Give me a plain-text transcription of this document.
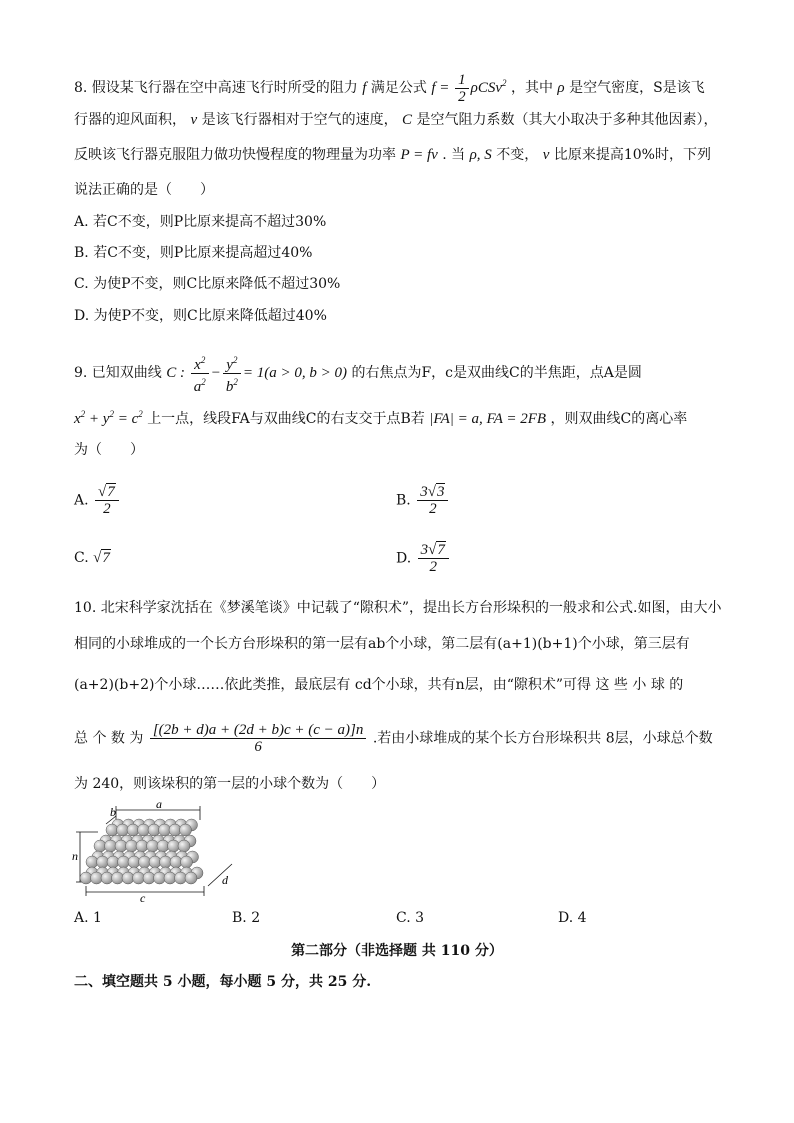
8. 假设某飞行器在空中高速飞行时所受的阻力 f 满足公式 $f = \frac{1}{2} \rho CSv^2$ ，其中 ρ 是空气密度，S是该飞
行器的迎风面积， v 是该飞行器相对于空气的速度， C 是空气阻力系数（其大小取决于多种其他因素），
反映该飞行器克服阻力做功快慢程度的物理量为功率 P = fv . 当 ρ, S 不变， v 比原来提高10%时，下列
说法正确的是（　　）
A. 若C不变，则P比原来提高不超过30%
B. 若C不变，则P比原来提高超过40%
C. 为使P不变，则C比原来降低不超过30%
D. 为使P不变，则C比原来降低超过40%
9. 已知双曲线 C : $\frac{x^2}{a^2} - \frac{y^2}{b^2} = 1(a > 0$, b > 0) 的右焦点为F，c是双曲线C的半焦距，点A是圆
$x^2 + y^2 = c^2$ 上一点，线段FA与双曲线C的右支交于点B若 |FA| = a, FA = 2FB ，则双曲线C的离心率
为（　　）
A. $\frac{√7}{2}$	B. $\frac{3√3}{2}$
C. √7	D. $\frac{3√7}{2}$
10. 北宋科学家沈括在《梦溪笔谈》中记载了“隙积术”，提出长方台形垛积的一般求和公式.如图，由大小
相同的小球堆成的一个长方台形垛积的第一层有ab个小球，第二层有(a+1)(b+1)个小球，第三层有
(a+2)(b+2)个小球……依此类推，最底层有 cd个小球，共有n层，由“隙积术”可得 这 些 小 球 的
总 个 数 为 $\frac{[(2b + d)a + (2d + b)c + (c - a)]n}{6}$ .若由小球堆成的某个长方台形垛积共 8层，小球总个数
为 240，则该垛积的第一层的小球个数为（　　）
a
b
n
c
d
A. 1	B. 2	C. 3	D. 4
第二部分（非选择题 共 110 分）
二、填空题共 5 小题，每小题 5 分，共 25 分.
